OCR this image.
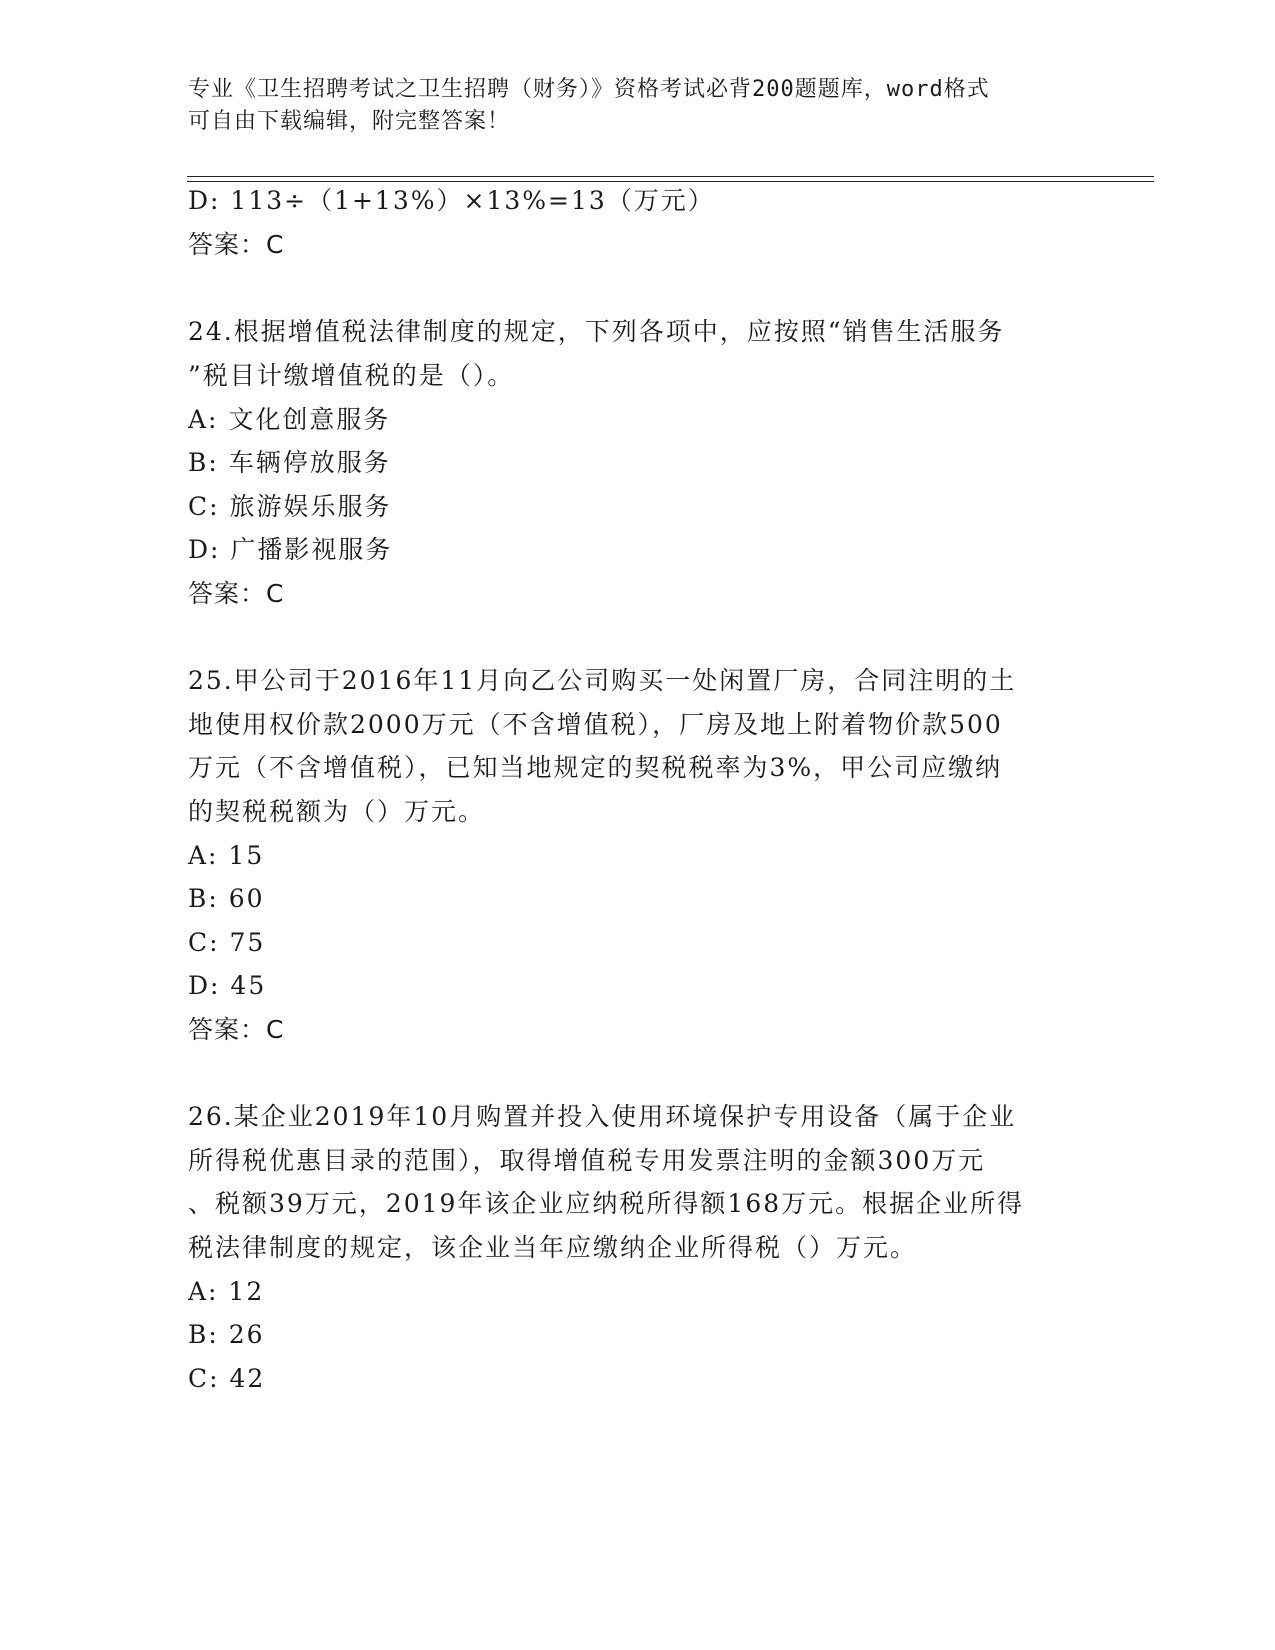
专业《卫生招聘考试之卫生招聘（财务）》资格考试必背200题题库，word格式
可自由下载编辑，附完整答案！
D: 113÷（1+13%）×13%=13（万元）
答案：C
24.根据增值税法律制度的规定，下列各项中，应按照“销售生活服务
”税目计缴增值税的是（）。
A: 文化创意服务
B: 车辆停放服务
C: 旅游娱乐服务
D: 广播影视服务
答案：C
25.甲公司于2016年11月向乙公司购买一处闲置厂房，合同注明的土
地使用权价款2000万元（不含增值税），厂房及地上附着物价款500
万元（不含增值税），已知当地规定的契税税率为3%，甲公司应缴纳
的契税税额为（）万元。
A: 15
B: 60
C: 75
D: 45
答案：C
26.某企业2019年10月购置并投入使用环境保护专用设备（属于企业
所得税优惠目录的范围），取得增值税专用发票注明的金额300万元
、税额39万元，2019年该企业应纳税所得额168万元。根据企业所得
税法律制度的规定，该企业当年应缴纳企业所得税（）万元。
A: 12
B: 26
C: 42
